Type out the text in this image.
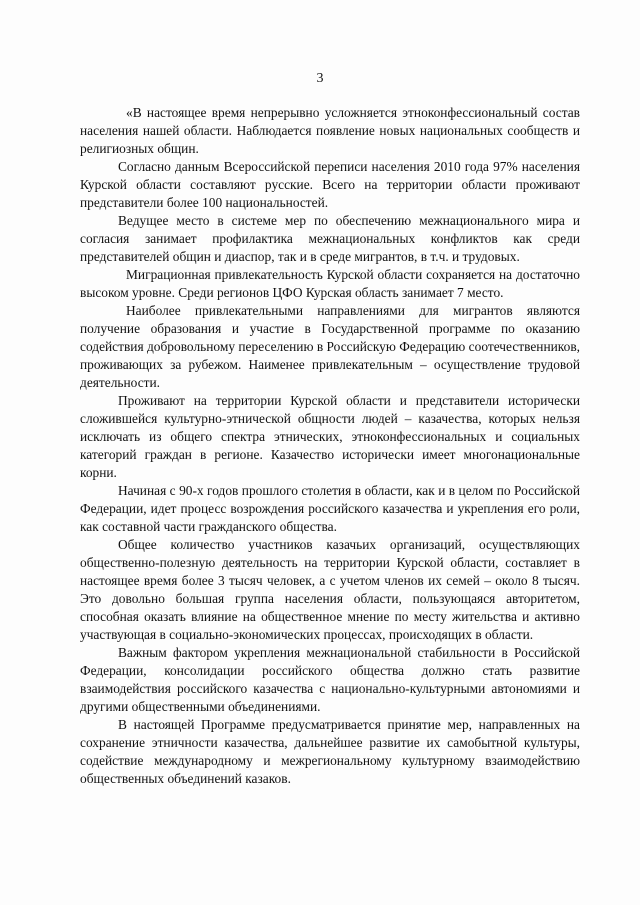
3

«В настоящее время непрерывно усложняется этноконфессиональный состав населения нашей области. Наблюдается появление новых национальных сообществ и религиозных общин.

Согласно данным Всероссийской переписи населения 2010 года 97% населения Курской области составляют русские. Всего на территории области проживают представители более 100 национальностей.

Ведущее место в системе мер по обеспечению межнационального мира и согласия занимает профилактика межнациональных конфликтов как среди представителей общин и диаспор, так и в среде мигрантов, в т.ч. и трудовых.

Миграционная привлекательность Курской области сохраняется на достаточно высоком уровне. Среди регионов ЦФО Курская область занимает 7 место.

Наиболее привлекательными направлениями для мигрантов являются получение образования и участие в Государственной программе по оказанию содействия добровольному переселению в Российскую Федерацию соотечественников, проживающих за рубежом. Наименее привлекательным – осуществление трудовой деятельности.

Проживают на территории Курской области и представители исторически сложившейся культурно-этнической общности людей – казачества, которых нельзя исключать из общего спектра этнических, этноконфессиональных и социальных категорий граждан в регионе. Казачество исторически имеет многонациональные корни.

Начиная с 90-х годов прошлого столетия в области, как и в целом по Российской Федерации, идет процесс возрождения российского казачества и укрепления его роли, как составной части гражданского общества.

Общее количество участников казачьих организаций, осуществляющих общественно-полезную деятельность на территории Курской области, составляет в настоящее время более 3 тысяч человек, а с учетом членов их семей – около 8 тысяч. Это довольно большая группа населения области, пользующаяся авторитетом, способная оказать влияние на общественное мнение по месту жительства и активно участвующая в социально-экономических процессах, происходящих в области.

Важным фактором укрепления межнациональной стабильности в Российской Федерации, консолидации российского общества должно стать развитие взаимодействия российского казачества с национально-культурными автономиями и другими общественными объединениями.

В настоящей Программе предусматривается принятие мер, направленных на сохранение этничности казачества, дальнейшее развитие их самобытной культуры, содействие международному и межрегиональному культурному взаимодействию общественных объединений казаков.
